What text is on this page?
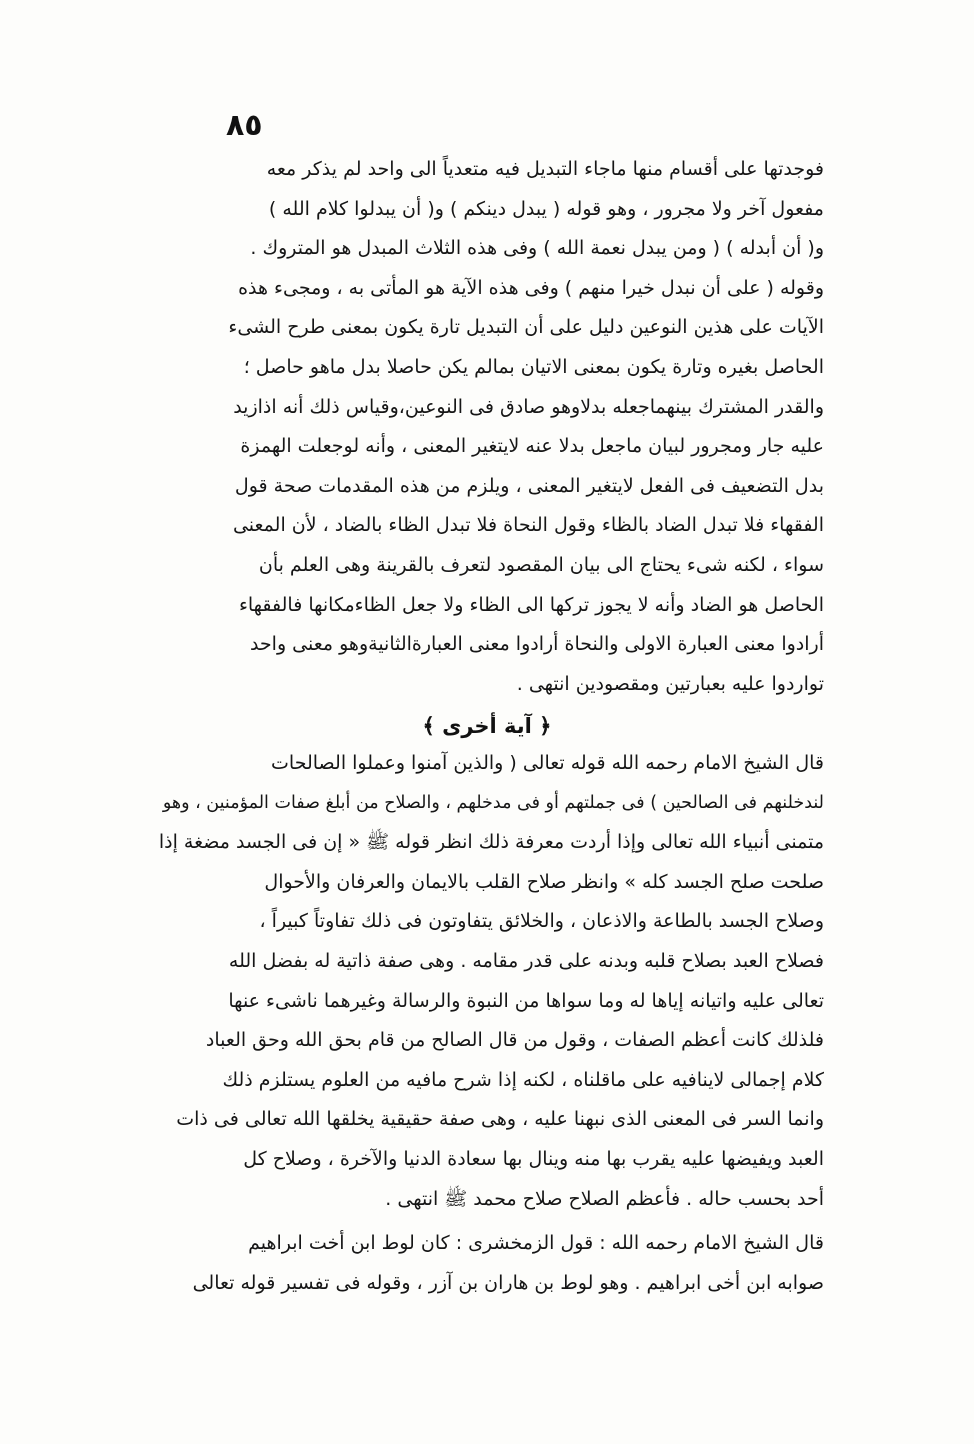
٨٥
فوجدتها على أقسام منها ماجاء التبديل فيه متعدياً الى واحد لم يذكر معه
مفعول آخر ولا مجرور ، وهو قوله ( يبدل دينكم ) و( أن يبدلوا كلام الله )
و( أن أبدله ) ( ومن يبدل نعمة الله ) وفى هذه الثلاث المبدل هو المتروك .
وقوله ( على أن نبدل خيرا منهم ) وفى هذه الآية هو المأتى به ، ومجىء هذه
الآيات على هذين النوعين دليل على أن التبديل تارة يكون بمعنى طرح الشىء
الحاصل بغيره وتارة يكون بمعنى الاتيان بمالم يكن حاصلا بدل ماهو حاصل ؛
والقدر المشترك بينهماجعله بدلاوهو صادق فى النوعين،وقياس ذلك أنه اذازيد
عليه جار ومجرور لبيان ماجعل بدلا عنه لايتغير المعنى ، وأنه لوجعلت الهمزة
بدل التضعيف فى الفعل لايتغير المعنى ، ويلزم من هذه المقدمات صحة قول
الفقهاء فلا تبدل الضاد بالظاء وقول النحاة فلا تبدل الظاء بالضاد ، لأن المعنى
سواء ، لكنه شىء يحتاج الى بيان المقصود لتعرف بالقرينة وهى العلم بأن
الحاصل هو الضاد وأنه لا يجوز تركها الى الظاء ولا جعل الظاءمكانها فالفقهاء
أرادوا معنى العبارة الاولى والنحاة أرادوا معنى العبارةالثانيةوهو معنى واحد
تواردوا عليه بعبارتين ومقصودين انتهى .
﴿ آية أخرى ﴾
قال الشيخ الامام رحمه الله قوله تعالى ( والذين آمنوا وعملوا الصالحات
لندخلنهم فى الصالحين ) فى جملتهم أو فى مدخلهم ، والصلاح من أبلغ صفات المؤمنين ، وهو
متمنى أنبياء الله تعالى وإذا أردت معرفة ذلك انظر قوله ﷺ « إن فى الجسد مضغة إذا
صلحت صلح الجسد كله » وانظر صلاح القلب بالايمان والعرفان والأحوال
وصلاح الجسد بالطاعة والاذعان ، والخلائق يتفاوتون فى ذلك تفاوتاً كبيراً ،
فصلاح العبد بصلاح قلبه وبدنه على قدر مقامه . وهى صفة ذاتية له بفضل الله
تعالى عليه واتيانه إياها له وما سواها من النبوة والرسالة وغيرهما ناشىء عنها
فلذلك كانت أعظم الصفات ، وقول من قال الصالح من قام بحق الله وحق العباد
كلام إجمالى لاينافيه على ماقلناه ، لكنه إذا شرح مافيه من العلوم يستلزم ذلك
وانما السر فى المعنى الذى نبهنا عليه ، وهى صفة حقيقية يخلقها الله تعالى فى ذات
العبد ويفيضها عليه يقرب بها منه وينال بها سعادة الدنيا والآخرة ، وصلاح كل
أحد بحسب حاله . فأعظم الصلاح صلاح محمد ﷺ انتهى .
قال الشيخ الامام رحمه الله : قول الزمخشرى : كان لوط ابن أخت ابراهيم
صوابه ابن أخى ابراهيم . وهو لوط بن هاران بن آزر ، وقوله فى تفسير قوله تعالى
